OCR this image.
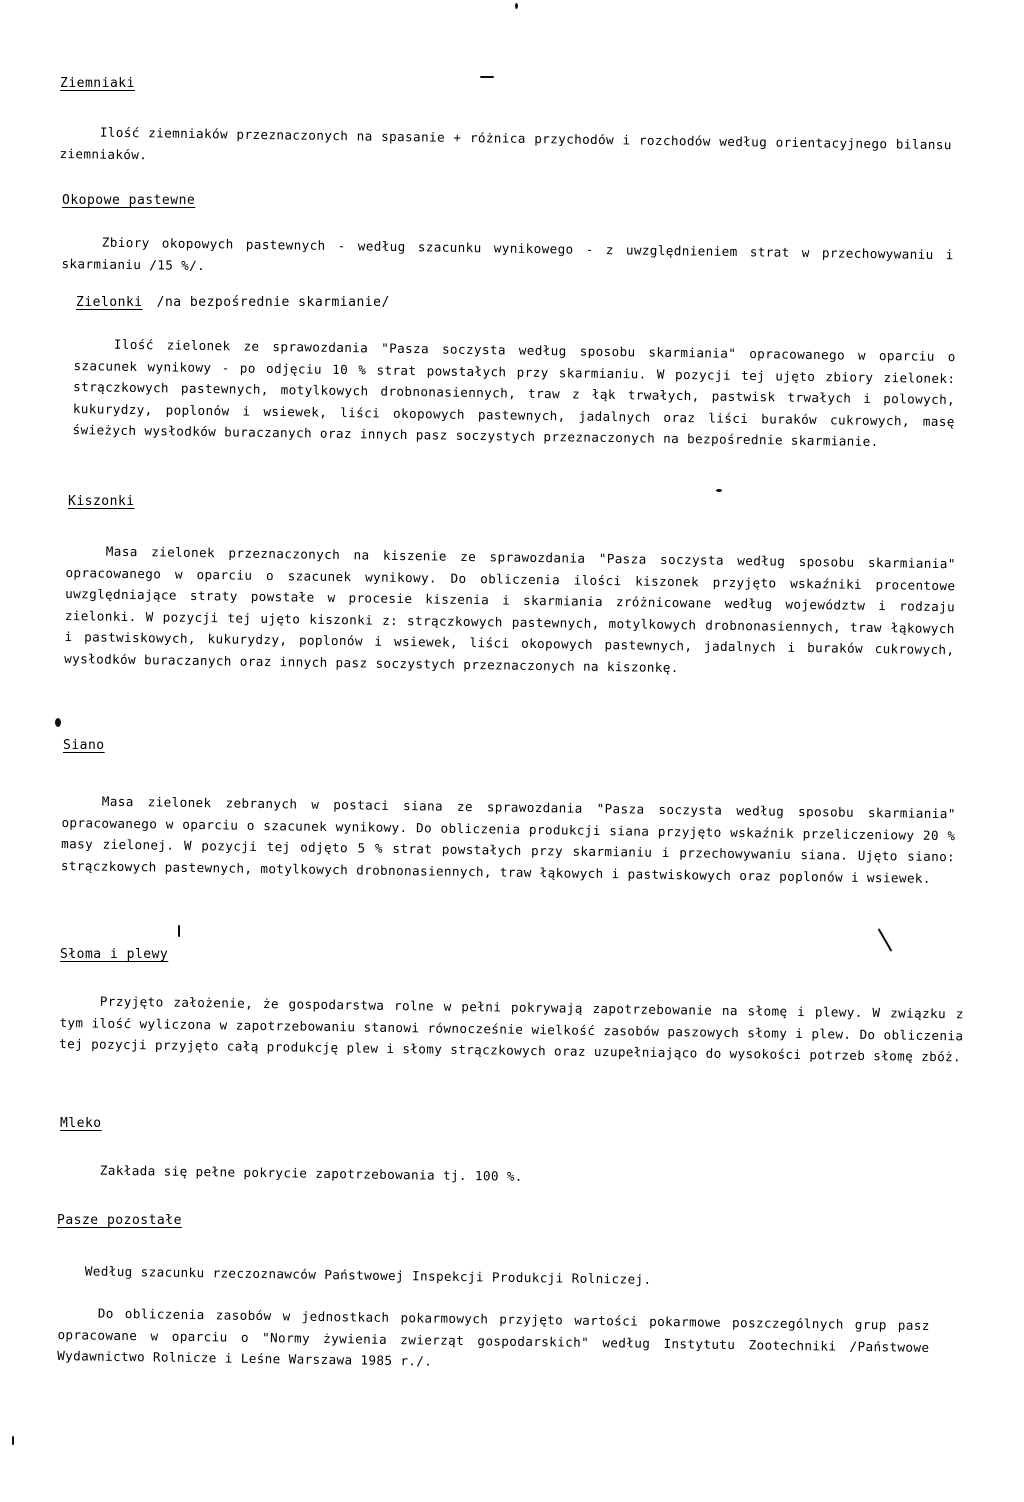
Ziemniaki

Ilość ziemniaków przeznaczonych na spasanie + różnica przychodów i rozchodów według orientacyjnego bilansu ziemniaków.

Okopowe pastewne

Zbiory okopowych pastewnych - według szacunku wynikowego - z uwzględnieniem strat w przechowywaniu i skarmianiu /15 %/.

Zielonki /na bezpośrednie skarmianie/

Ilość zielonek ze sprawozdania "Pasza soczysta według sposobu skarmiania" opracowanego w oparciu o szacunek wynikowy - po odjęciu 10 % strat powstałych przy skarmianiu. W pozycji tej ujęto zbiory zielonek: strączkowych pastewnych, motylkowych drobnonasiennych, traw z łąk trwałych, pastwisk trwałych i polowych, kukurydzy, poplonów i wsiewek, liści okopowych pastewnych, jadalnych oraz liści buraków cukrowych, masę świeżych wysłodków buraczanych oraz innych pasz soczystych przeznaczonych na bezpośrednie skarmianie.

Kiszonki

Masa zielonek przeznaczonych na kiszenie ze sprawozdania "Pasza soczysta według sposobu skarmiania" opracowanego w oparciu o szacunek wynikowy. Do obliczenia ilości kiszonek przyjęto wskaźniki procentowe uwzględniające straty powstałe w procesie kiszenia i skarmiania zróżnicowane według województw i rodzaju zielonki. W pozycji tej ujęto kiszonki z: strączkowych pastewnych, motylkowych drobnonasiennych, traw łąkowych i pastwiskowych, kukurydzy, poplonów i wsiewek, liści okopowych pastewnych, jadalnych i buraków cukrowych, wysłodków buraczanych oraz innych pasz soczystych przeznaczonych na kiszonkę.

Siano

Masa zielonek zebranych w postaci siana ze sprawozdania "Pasza soczysta według sposobu skarmiania" opracowanego w oparciu o szacunek wynikowy. Do obliczenia produkcji siana przyjęto wskaźnik przeliczeniowy 20 % masy zielonej. W pozycji tej odjęto 5 % strat powstałych przy skarmianiu i przechowywaniu siana. Ujęto siano: strączkowych pastewnych, motylkowych drobnonasiennych, traw łąkowych i pastwiskowych oraz poplonów i wsiewek.

Słoma i plewy

Przyjęto założenie, że gospodarstwa rolne w pełni pokrywają zapotrzebowanie na słomę i plewy. W związku z tym ilość wyliczona w zapotrzebowaniu stanowi równocześnie wielkość zasobów paszowych słomy i plew. Do obliczenia tej pozycji przyjęto całą produkcję plew i słomy strączkowych oraz uzupełniająco do wysokości potrzeb słomę zbóż.

Mleko

Zakłada się pełne pokrycie zapotrzebowania tj. 100 %.

Pasze pozostałe

Według szacunku rzeczoznawców Państwowej Inspekcji Produkcji Rolniczej.

Do obliczenia zasobów w jednostkach pokarmowych przyjęto wartości pokarmowe poszczególnych grup pasz opracowane w oparciu o "Normy żywienia zwierząt gospodarskich" według Instytutu Zootechniki /Państwowe Wydawnictwo Rolnicze i Leśne Warszawa 1985 r./.
